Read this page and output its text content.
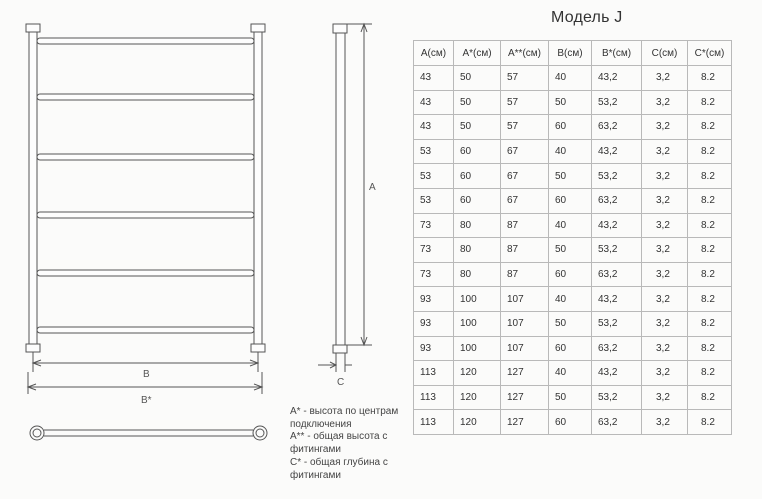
B
B*
A
C
Модель J
A(см)	A*(см)	A**(см)	B(см)	B*(см)	C(см)	C*(см)
43	50	57	40	43,2	3,2	8.2
43	50	57	50	53,2	3,2	8.2
43	50	57	60	63,2	3,2	8.2
53	60	67	40	43,2	3,2	8.2
53	60	67	50	53,2	3,2	8.2
53	60	67	60	63,2	3,2	8.2
73	80	87	40	43,2	3,2	8.2
73	80	87	50	53,2	3,2	8.2
73	80	87	60	63,2	3,2	8.2
93	100	107	40	43,2	3,2	8.2
93	100	107	50	53,2	3,2	8.2
93	100	107	60	63,2	3,2	8.2
113	120	127	40	43,2	3,2	8.2
113	120	127	50	53,2	3,2	8.2
113	120	127	60	63,2	3,2	8.2
A* - высота по центрам подключения
A** - общая высота с фитингами
C* - общая глубина с фитингами
